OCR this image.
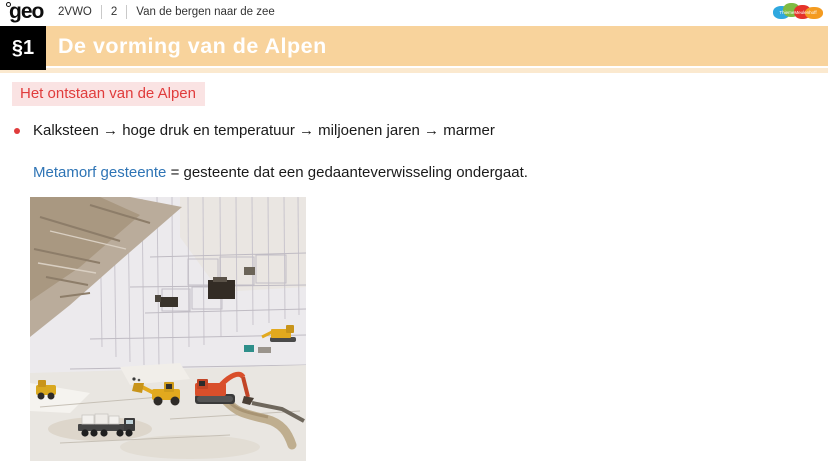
geo 2VWO 2 Van de bergen naar de zee	ThiemeMeulenhoff
§1	De vorming van de Alpen
Het ontstaan van de Alpen
Kalksteen → hoge druk en temperatuur → miljoenen jaren → marmer
Metamorf gesteente = gesteente dat een gedaanteverwisseling ondergaat.
